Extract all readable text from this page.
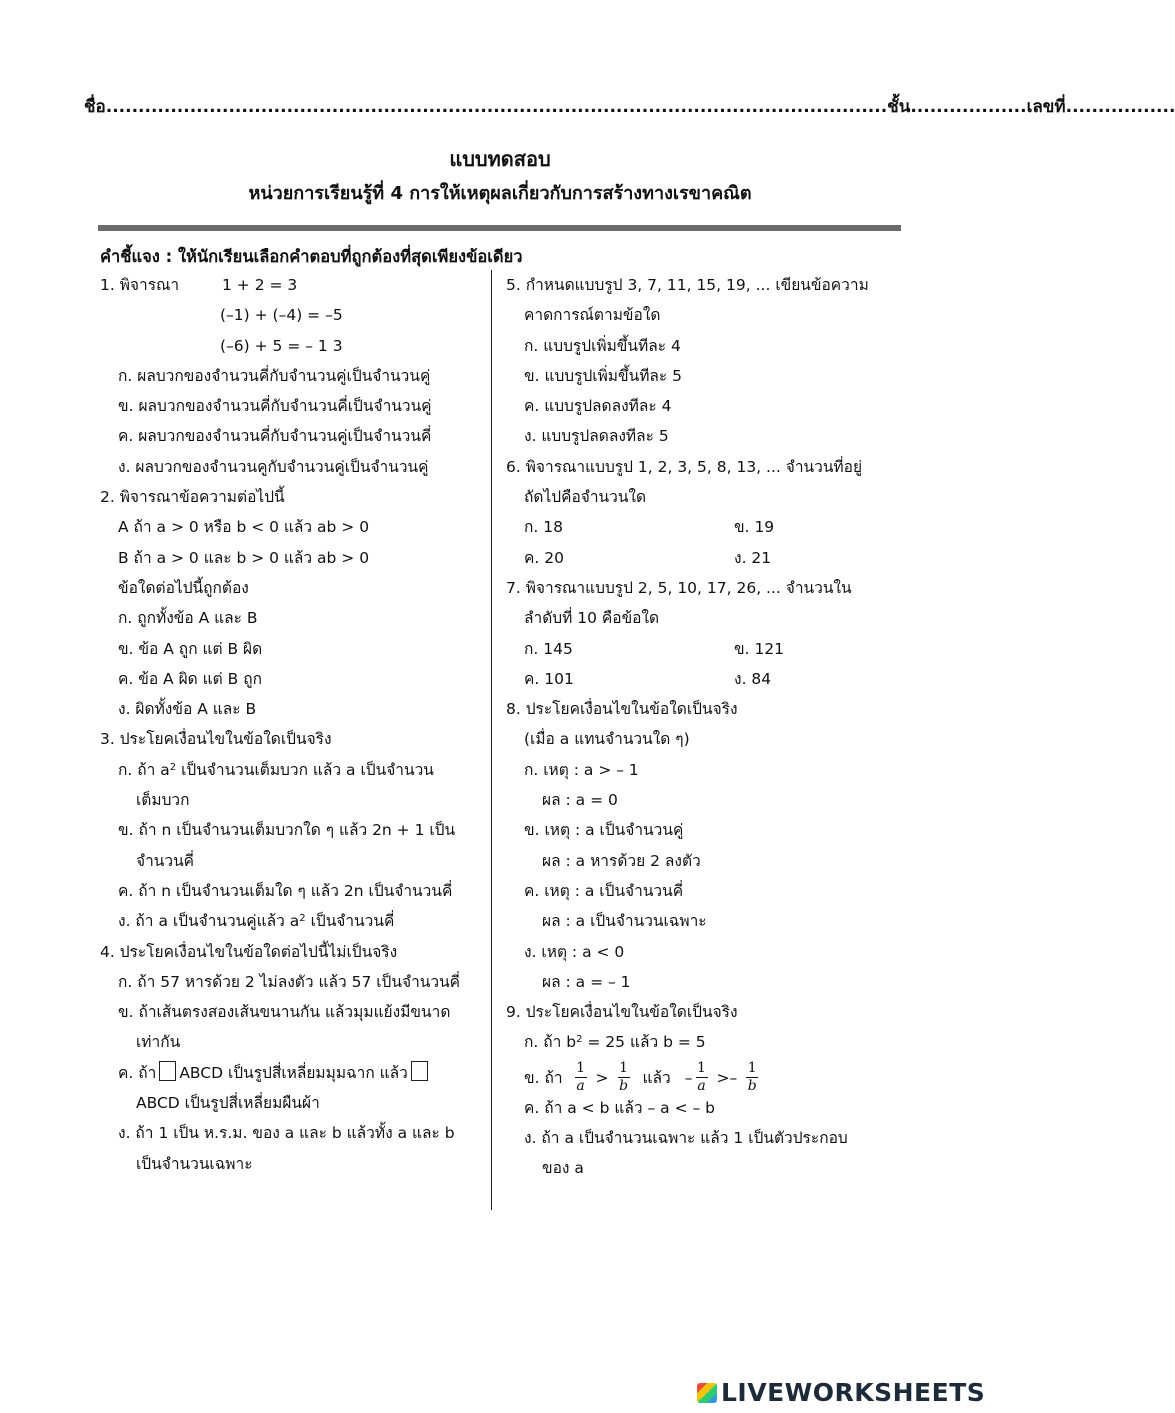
ชื่อ.........................................................................................................................ชั้น..................เลขที่.................
แบบทดสอบ
หน่วยการเรียนรู้ที่ 4 การให้เหตุผลเกี่ยวกับการสร้างทางเรขาคณิต
คำชี้แจง : ให้นักเรียนเลือกคำตอบที่ถูกต้องที่สุดเพียงข้อเดียว
1. พิจารณา	1 + 2 = 3
(–1) + (–4) = –5
(–6) + 5 = – 1 3
ก. ผลบวกของจำนวนคี่กับจำนวนคู่เป็นจำนวนคู่
ข. ผลบวกของจำนวนคี่กับจำนวนคี่เป็นจำนวนคู่
ค. ผลบวกของจำนวนคี่กับจำนวนคู่เป็นจำนวนคี่
ง. ผลบวกของจำนวนคูกับจำนวนคู่เป็นจำนวนคู่
2. พิจารณาข้อความต่อไปนี้
A ถ้า a > 0 หรือ b < 0 แล้ว ab > 0
B ถ้า a > 0 และ b > 0 แล้ว ab > 0
ข้อใดต่อไปนี้ถูกต้อง
ก. ถูกทั้งข้อ A และ B
ข. ข้อ A ถูก แต่ B ผิด
ค. ข้อ A ผิด แต่ B ถูก
ง. ผิดทั้งข้อ A และ B
3. ประโยคเงื่อนไขในข้อใดเป็นจริง
ก. ถ้า $a^2$ เป็นจำนวนเต็มบวก แล้ว a เป็นจำนวน
เต็มบวก
ข. ถ้า n เป็นจำนวนเต็มบวกใด ๆ แล้ว 2n + 1 เป็น
จำนวนคี่
ค. ถ้า n เป็นจำนวนเต็มใด ๆ แล้ว 2n เป็นจำนวนคี่
ง. ถ้า a เป็นจำนวนคู่แล้ว $a^2$ เป็นจำนวนคี่
4. ประโยคเงื่อนไขในข้อใดต่อไปนี้ไม่เป็นจริง
ก. ถ้า 57 หารด้วย 2 ไม่ลงตัว แล้ว 57 เป็นจำนวนคี่
ข. ถ้าเส้นตรงสองเส้นขนานกัน แล้วมุมแย้งมีขนาด
เท่ากัน
ค. ถ้า ABCD เป็นรูปสี่เหลี่ยมมุมฉาก แล้ว
ABCD เป็นรูปสี่เหลี่ยมผืนผ้า
ง. ถ้า 1 เป็น ห.ร.ม. ของ a และ b แล้วทั้ง a และ b
เป็นจำนวนเฉพาะ
5. กำหนดแบบรูป 3, 7, 11, 15, 19, ... เขียนข้อความ
คาดการณ์ตามข้อใด
ก. แบบรูปเพิ่มขึ้นทีละ 4
ข. แบบรูปเพิ่มขึ้นทีละ 5
ค. แบบรูปลดลงทีละ 4
ง. แบบรูปลดลงทีละ 5
6. พิจารณาแบบรูป 1, 2, 3, 5, 8, 13, ... จำนวนที่อยู่
ถัดไปคือจำนวนใด
ก. 18	ข. 19
ค. 20	ง. 21
7. พิจารณาแบบรูป 2, 5, 10, 17, 26, ... จำนวนใน
ลำดับที่ 10 คือข้อใด
ก. 145	ข. 121
ค. 101	ง. 84
8. ประโยคเงื่อนไขในข้อใดเป็นจริง
(เมื่อ a แทนจำนวนใด ๆ)
ก. เหตุ : a > – 1
ผล : a = 0
ข. เหตุ : a เป็นจำนวนคู่
ผล : a หารด้วย 2 ลงตัว
ค. เหตุ : a เป็นจำนวนคี่
ผล : a เป็นจำนวนเฉพาะ
ง. เหตุ : a < 0
ผล : a = – 1
9. ประโยคเงื่อนไขในข้อใดเป็นจริง
ก. ถ้า $b^2 = 25$ แล้ว b = 5
ข. ถ้า $\frac{1}{a} > \frac{1}{b}$ แล้ว – $\frac{1}{a} >- \frac{1}{b}$
ค. ถ้า a < b แล้ว – a < – b
ง. ถ้า a เป็นจำนวนเฉพาะ แล้ว 1 เป็นตัวประกอบ
ของ a
LIVEWORKSHEETS
